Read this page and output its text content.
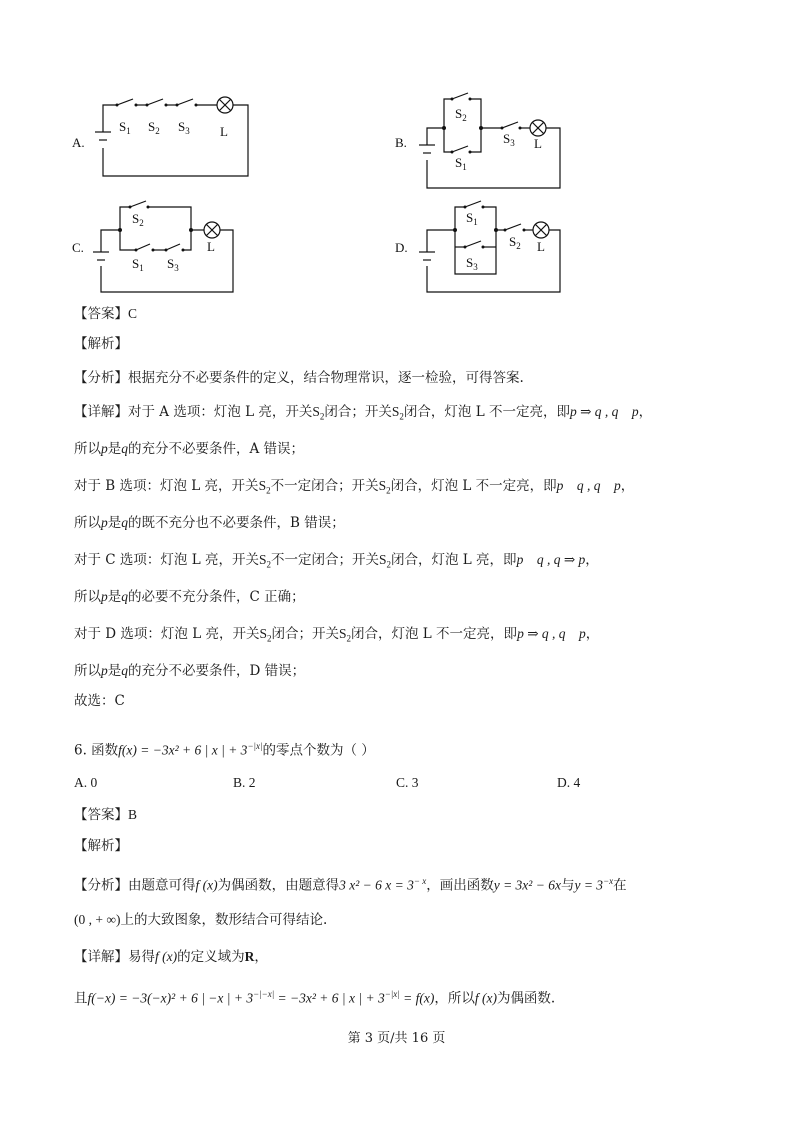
A.
$S_1$ $S_2$ $S_3$ L
B.
$S_2$
$S_1$
$S_3$ L
C.
$S_2$
$S_1$ $S_3$
L	D.
$S_1$
$S_3$
$S_2$ L
【答案】C
【解析】
【分析】根据充分不必要条件的定义，结合物理常识，逐一检验，可得答案.
【详解】对于 A 选项：灯泡 L 亮，开关$S_2$闭合；开关$S_2$闭合，灯泡 L 不一定亮，即p ⇒ q , q    p，
所以p是q的充分不必要条件，A 错误；
对于 B 选项：灯泡 L 亮，开关$S_2$不一定闭合；开关$S_2$闭合，灯泡 L 不一定亮，即p    q , q    p，
所以p是q的既不充分也不必要条件，B 错误；
对于 C 选项：灯泡 L 亮，开关$S_2$不一定闭合；开关$S_2$闭合，灯泡 L 亮，即p    q , q ⇒ p，
所以p是q的必要不充分条件，C 正确；
对于 D 选项：灯泡 L 亮，开关$S_2$闭合；开关$S_2$闭合，灯泡 L 不一定亮，即p ⇒ q , q    p，
所以p是q的充分不必要条件，D 错误；
故选：C
6. 函数f(x) = −3x² + 6 | x | + $3^{-|x|}$的零点个数为（ ）
A. 0	B. 2	C. 3	D. 4
【答案】B
【解析】
【分析】由题意可得f (x)为偶函数，由题意得3 x² − 6 $x = 3^{- x}$，画出函数y = 3x² − 6x与$y = 3^{-x}$在
(0 , + ∞)上的大致图象，数形结合可得结论.
【详解】易得f (x)的定义域为R，
且f(−x) = −3(−x)² + 6 | −x | + $3^{-|-x|} = -3x^2 + 6$ | x | + $3^{-|x|} = f(x)$，所以f (x)为偶函数.
第 3 页/共 16 页
